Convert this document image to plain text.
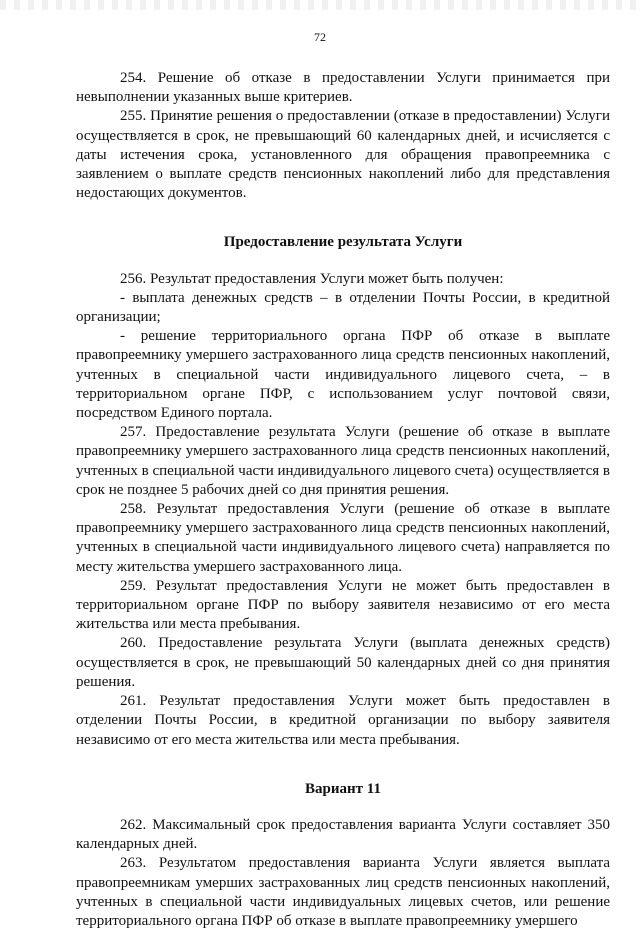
72

254. Решение об отказе в предоставлении Услуги принимается при невыполнении указанных выше критериев.

255. Принятие решения о предоставлении (отказе в предоставлении) Услуги осуществляется в срок, не превышающий 60 календарных дней, и исчисляется с даты истечения срока, установленного для обращения правопреемника с заявлением о выплате средств пенсионных накоплений либо для представления недостающих документов.

Предоставление результата Услуги

256. Результат предоставления Услуги может быть получен:

- выплата денежных средств – в отделении Почты России, в кредитной организации;

- решение территориального органа ПФР об отказе в выплате правопреемнику умершего застрахованного лица средств пенсионных накоплений, учтенных в специальной части индивидуального лицевого счета, – в территориальном органе ПФР, с использованием услуг почтовой связи, посредством Единого портала.

257. Предоставление результата Услуги (решение об отказе в выплате правопреемнику умершего застрахованного лица средств пенсионных накоплений, учтенных в специальной части индивидуального лицевого счета) осуществляется в срок не позднее 5 рабочих дней со дня принятия решения.

258. Результат предоставления Услуги (решение об отказе в выплате правопреемнику умершего застрахованного лица средств пенсионных накоплений, учтенных в специальной части индивидуального лицевого счета) направляется по месту жительства умершего застрахованного лица.

259. Результат предоставления Услуги не может быть предоставлен в территориальном органе ПФР по выбору заявителя независимо от его места жительства или места пребывания.

260. Предоставление результата Услуги (выплата денежных средств) осуществляется в срок, не превышающий 50 календарных дней со дня принятия решения.

261. Результат предоставления Услуги может быть предоставлен в отделении Почты России, в кредитной организации по выбору заявителя независимо от его места жительства или места пребывания.

Вариант 11

262. Максимальный срок предоставления варианта Услуги составляет 350 календарных дней.

263. Результатом предоставления варианта Услуги является выплата правопреемникам умерших застрахованных лиц средств пенсионных накоплений, учтенных в специальной части индивидуальных лицевых счетов, или решение территориального органа ПФР об отказе в выплате правопреемнику умершего
